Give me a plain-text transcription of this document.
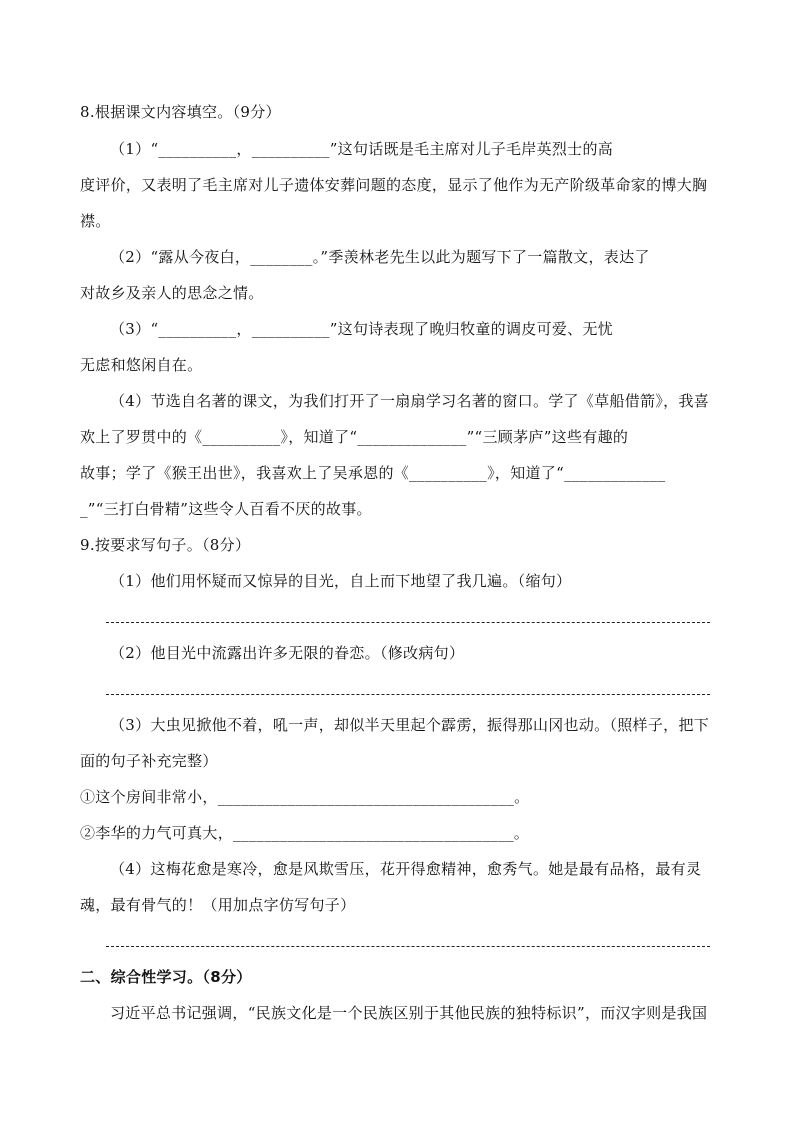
8.根据课文内容填空。（9分）
（1）“__________，__________”这句话既是毛主席对儿子毛岸英烈士的高
度评价，又表明了毛主席对儿子遗体安葬问题的态度，显示了他作为无产阶级革命家的博大胸
襟。
（2）“露从今夜白，________。”季羡林老先生以此为题写下了一篇散文，表达了
对故乡及亲人的思念之情。
（3）“__________，__________”这句诗表现了晚归牧童的调皮可爱、无忧
无虑和悠闲自在。
（4）节选自名著的课文，为我们打开了一扇扇学习名著的窗口。学了《草船借箭》，我喜
欢上了罗贯中的《__________》，知道了“______________”“三顾茅庐”这些有趣的
故事；学了《猴王出世》，我喜欢上了吴承恩的《__________》，知道了“_____________
_”“三打白骨精”这些令人百看不厌的故事。
9.按要求写句子。（8分）
（1）他们用怀疑而又惊异的目光，自上而下地望了我几遍。（缩句）
（2）他目光中流露出许多无限的眷恋。（修改病句）
（3）大虫见掀他不着，吼一声，却似半天里起个霹雳，振得那山冈也动。（照样子，把下
面的句子补充完整）
①这个房间非常小，______________________________________。
②李华的力气可真大，____________________________________。
（4）这梅花愈是寒冷，愈是风欺雪压，花开得愈精神，愈秀气。她是最有品格，最有灵
魂，最有骨气的！（用加点字仿写句子）
二、综合性学习。（8分）
习近平总书记强调，“民族文化是一个民族区别于其他民族的独特标识”，而汉字则是我国
